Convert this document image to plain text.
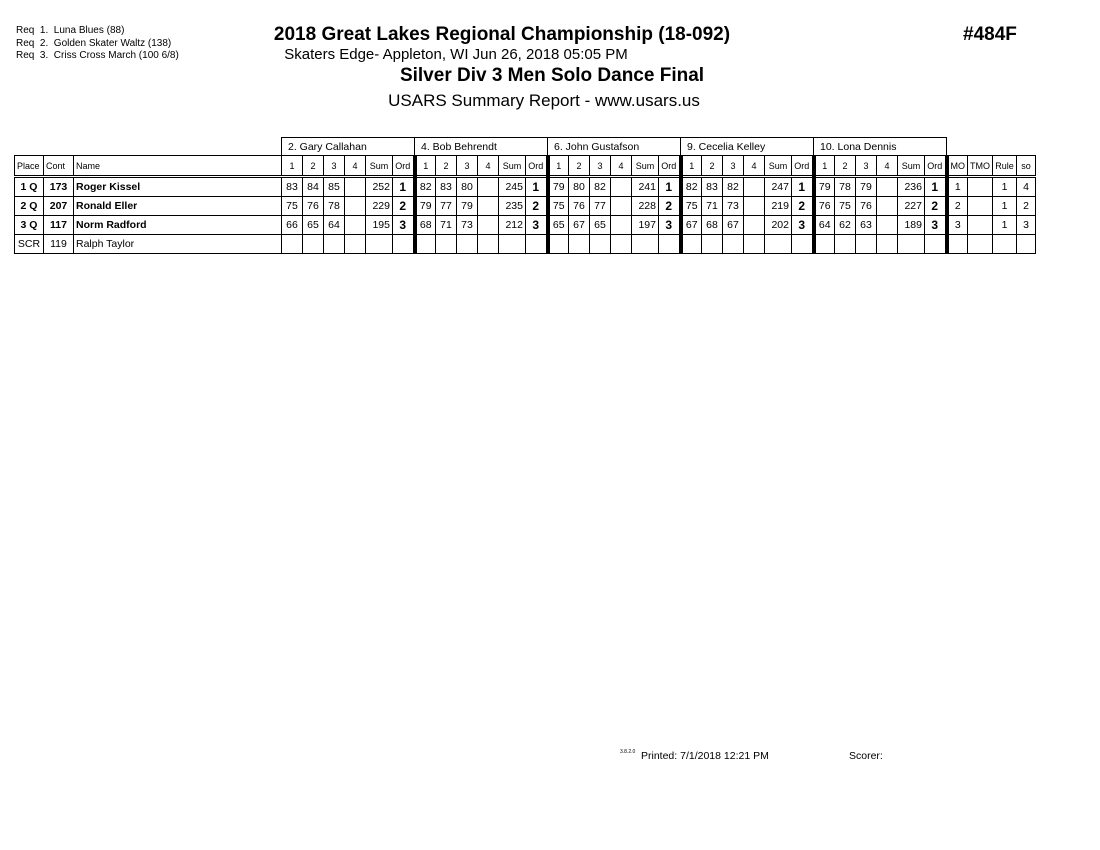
Req  1.  Luna Blues (88)
Req  2.  Golden Skater Waltz (138)
Req  3.  Criss Cross March (100 6/8)
2018 Great Lakes Regional Championship (18-092)
Skaters Edge- Appleton, WI Jun 26, 2018 05:05 PM
Silver Div 3 Men Solo Dance Final
USARS Summary Report - www.usars.us
#484F
			2. Gary Callahan						4. Bob Behrendt						6. John Gustafson						9. Cecelia Kelley						10. Lona Dennis									
Place	Cont	Name	1	2	3	4	Sum	Ord	1	2	3	4	Sum	Ord	1	2	3	4	Sum	Ord	1	2	3	4	Sum	Ord	1	2	3	4	Sum	Ord	MO	TMO	Rule	so
1 Q	173	Roger Kissel	83	84	85		252	1	82	83	80		245	1	79	80	82		241	1	82	83	82		247	1	79	78	79		236	1	1		1	4
2 Q	207	Ronald Eller	75	76	78		229	2	79	77	79		235	2	75	76	77		228	2	75	71	73		219	2	76	75	76		227	2	2		1	2
3 Q	117	Norm Radford	66	65	64		195	3	68	71	73		212	3	65	67	65		197	3	67	68	67		202	3	64	62	63		189	3	3		1	3
SCR	119	Ralph Taylor																																		
3.8.2.0 Printed: 7/1/2018 12:21 PM	Scorer:
